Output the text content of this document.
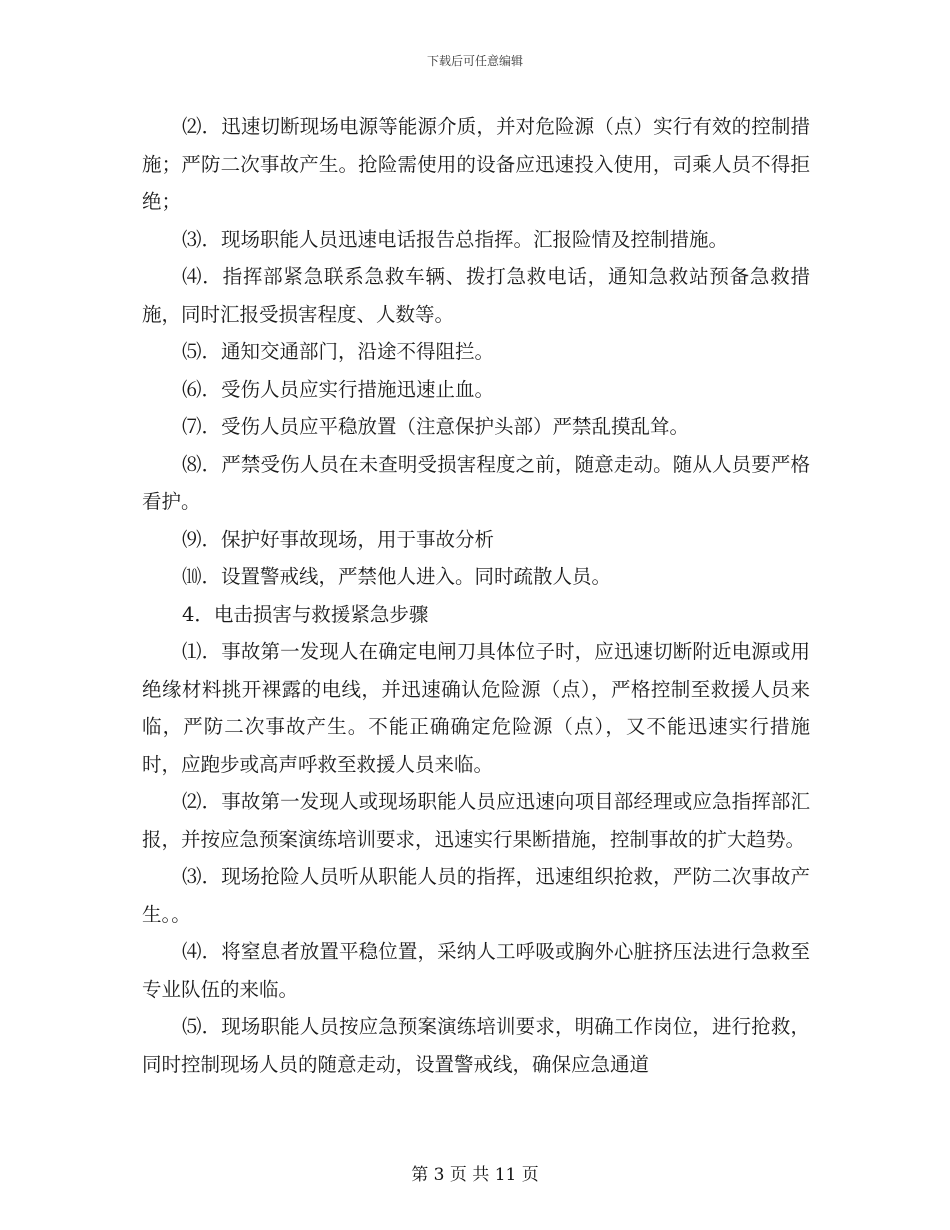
下载后可任意编辑

⑵．迅速切断现场电源等能源介质，并对危险源（点）实行有效的控制措施；严防二次事故产生。抢险需使用的设备应迅速投入使用，司乘人员不得拒绝；

⑶．现场职能人员迅速电话报告总指挥。汇报险情及控制措施。

⑷．指挥部紧急联系急救车辆、拨打急救电话，通知急救站预备急救措施，同时汇报受损害程度、人数等。

⑸．通知交通部门，沿途不得阻拦。

⑹．受伤人员应实行措施迅速止血。

⑺．受伤人员应平稳放置（注意保护头部）严禁乱摸乱耸。

⑻．严禁受伤人员在未查明受损害程度之前，随意走动。随从人员要严格看护。

⑼．保护好事故现场，用于事故分析

⑽．设置警戒线，严禁他人进入。同时疏散人员。

4．电击损害与救援紧急步骤

⑴．事故第一发现人在确定电闸刀具体位子时，应迅速切断附近电源或用绝缘材料挑开裸露的电线，并迅速确认危险源（点），严格控制至救援人员来临，严防二次事故产生。不能正确确定危险源（点），又不能迅速实行措施时，应跑步或高声呼救至救援人员来临。

⑵．事故第一发现人或现场职能人员应迅速向项目部经理或应急指挥部汇报，并按应急预案演练培训要求，迅速实行果断措施，控制事故的扩大趋势。

⑶．现场抢险人员听从职能人员的指挥，迅速组织抢救，严防二次事故产生。。

⑷．将窒息者放置平稳位置，采纳人工呼吸或胸外心脏挤压法进行急救至专业队伍的来临。

⑸．现场职能人员按应急预案演练培训要求，明确工作岗位，进行抢救，同时控制现场人员的随意走动，设置警戒线，确保应急通道

第 3 页 共 11 页
